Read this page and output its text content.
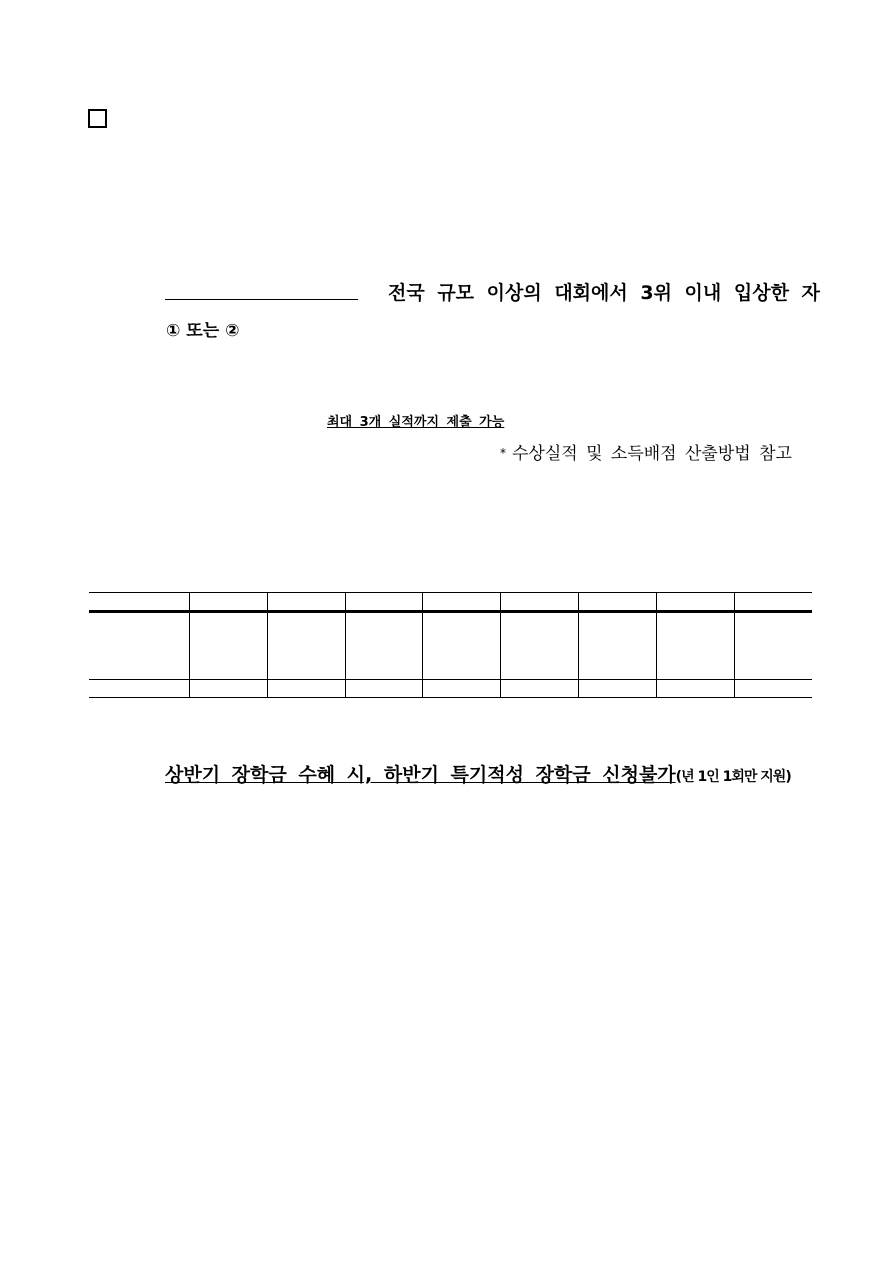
전국 규모 이상의 대회에서 3위 이내 입상한 자
① 또는 ②
최대 3개 실적까지 제출 가능
* 수상실적 및 소득배점 산출방법 참고

상반기 장학금 수혜 시, 하반기 특기적성 장학금 신청불가(년 1인 1회만 지원)
